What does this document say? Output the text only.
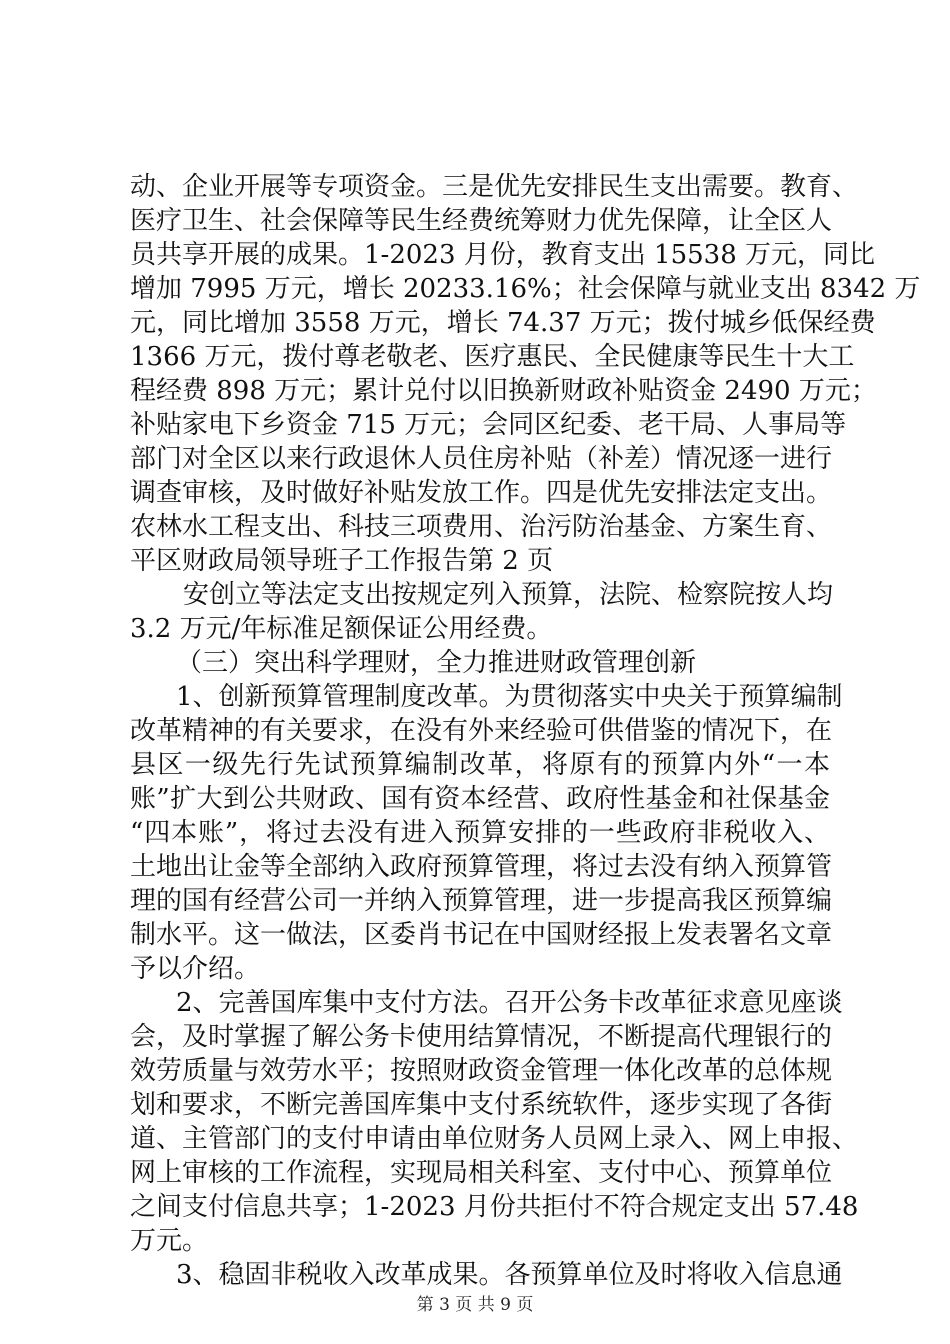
动、企业开展等专项资金。三是优先安排民生支出需要。教育、
医疗卫生、社会保障等民生经费统筹财力优先保障，让全区人
员共享开展的成果。1-2023 月份，教育支出 15538 万元，同比
增加 7995 万元，增长 20233.16%；社会保障与就业支出 8342 万
元，同比增加 3558 万元，增长 74.37 万元；拨付城乡低保经费
1366 万元，拨付尊老敬老、医疗惠民、全民健康等民生十大工
程经费 898 万元；累计兑付以旧换新财政补贴资金 2490 万元；
补贴家电下乡资金 715 万元；会同区纪委、老干局、人事局等
部门对全区以来行政退休人员住房补贴（补差）情况逐一进行
调查审核，及时做好补贴发放工作。四是优先安排法定支出。
农林水工程支出、科技三项费用、治污防治基金、方案生育、
平区财政局领导班子工作报告第 2 页
安创立等法定支出按规定列入预算，法院、检察院按人均
3.2 万元/年标准足额保证公用经费。
（三）突出科学理财，全力推进财政管理创新
1、创新预算管理制度改革。为贯彻落实中央关于预算编制
改革精神的有关要求，在没有外来经验可供借鉴的情况下，在
县区一级先行先试预算编制改革，将原有的预算内外“一本
账”扩大到公共财政、国有资本经营、政府性基金和社保基金
“四本账”，将过去没有进入预算安排的一些政府非税收入、
土地出让金等全部纳入政府预算管理，将过去没有纳入预算管
理的国有经营公司一并纳入预算管理，进一步提高我区预算编
制水平。这一做法，区委肖书记在中国财经报上发表署名文章
予以介绍。
2、完善国库集中支付方法。召开公务卡改革征求意见座谈
会，及时掌握了解公务卡使用结算情况，不断提高代理银行的
效劳质量与效劳水平；按照财政资金管理一体化改革的总体规
划和要求，不断完善国库集中支付系统软件，逐步实现了各街
道、主管部门的支付申请由单位财务人员网上录入、网上申报、
网上审核的工作流程，实现局相关科室、支付中心、预算单位
之间支付信息共享；1-2023 月份共拒付不符合规定支出 57.48
万元。
3、稳固非税收入改革成果。各预算单位及时将收入信息通
第 3 页 共 9 页
